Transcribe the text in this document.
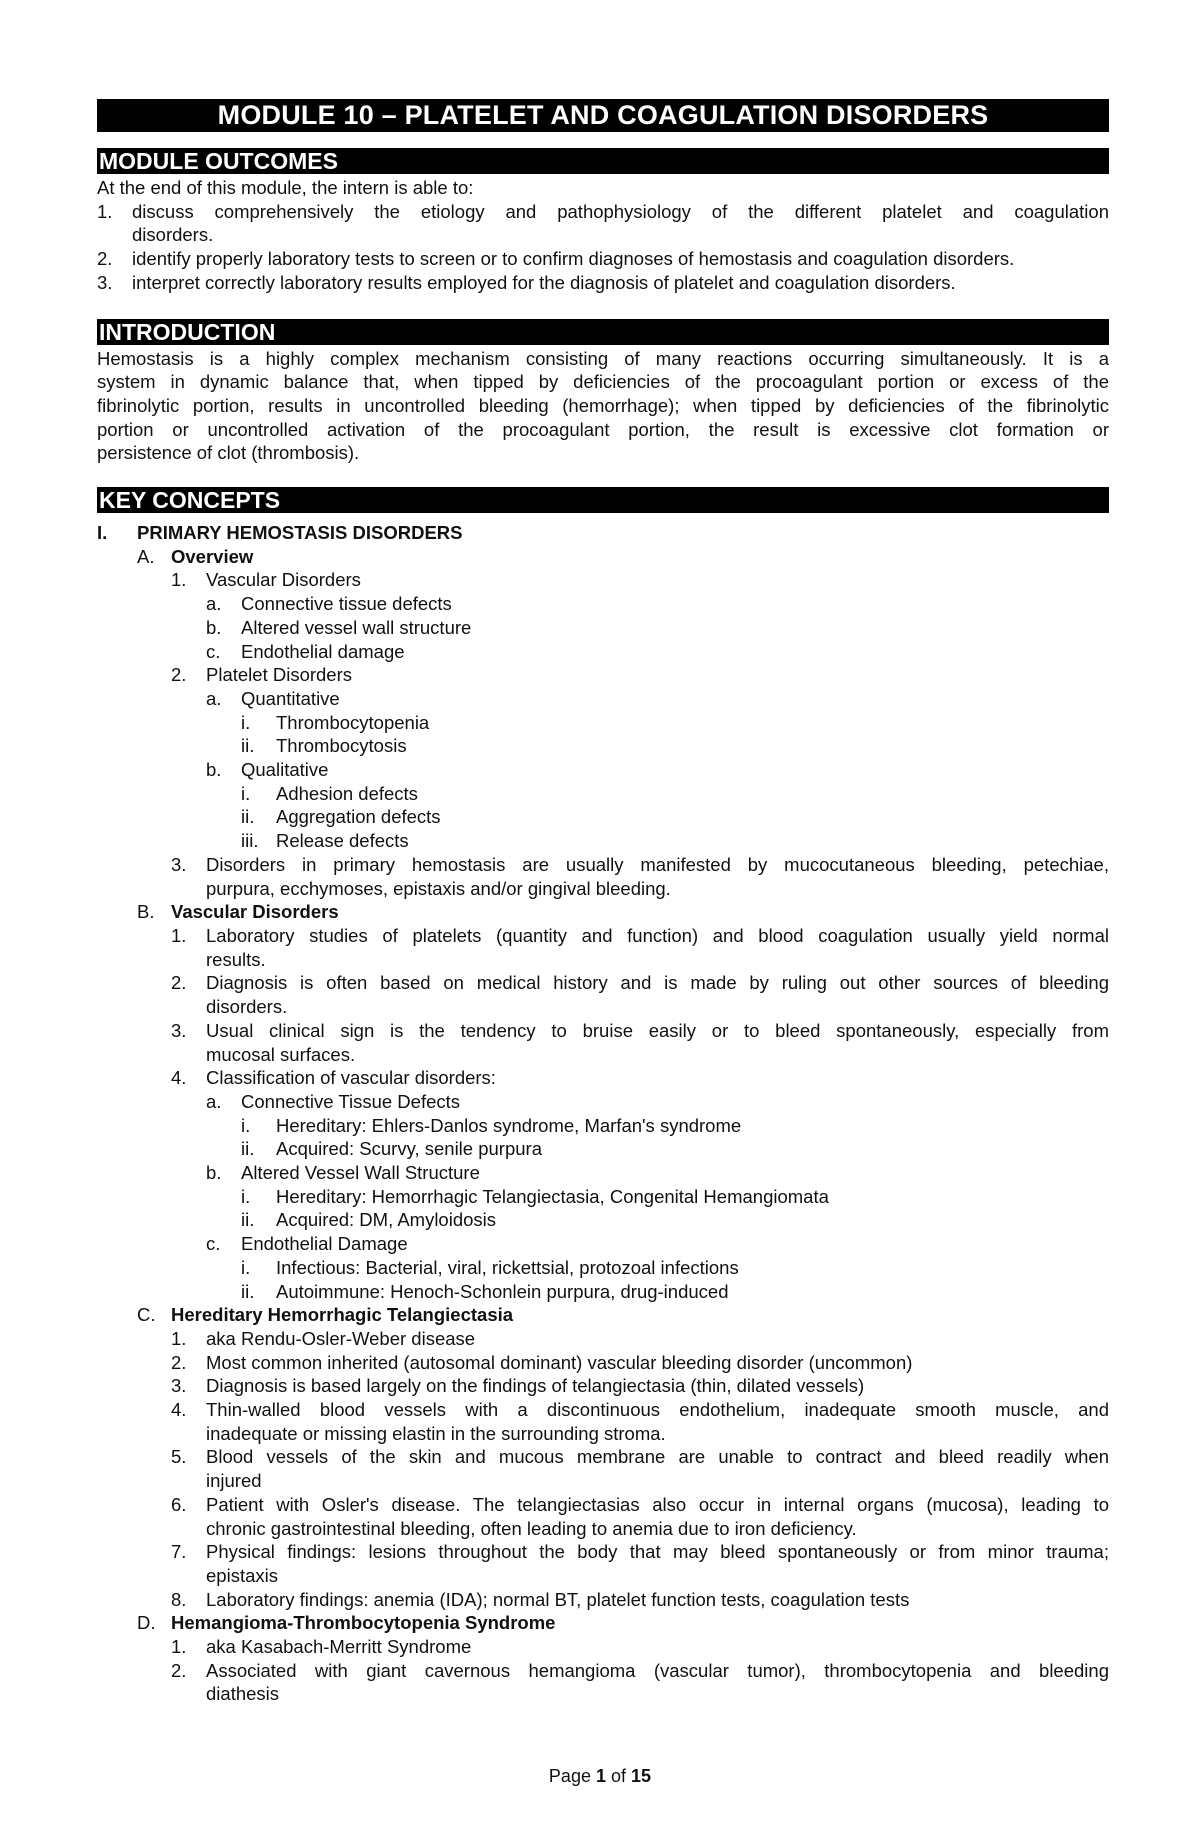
MODULE 10 – PLATELET AND COAGULATION DISORDERS
MODULE OUTCOMES
At the end of this module, the intern is able to:
1.	discuss comprehensively the etiology and pathophysiology of the different platelet and coagulation
disorders.
2.	identify properly laboratory tests to screen or to confirm diagnoses of hemostasis and coagulation disorders.
3.	interpret correctly laboratory results employed for the diagnosis of platelet and coagulation disorders.
INTRODUCTION
Hemostasis is a highly complex mechanism consisting of many reactions occurring simultaneously. It is a
system in dynamic balance that, when tipped by deficiencies of the procoagulant portion or excess of the
fibrinolytic portion, results in uncontrolled bleeding (hemorrhage); when tipped by deficiencies of the fibrinolytic
portion or uncontrolled activation of the procoagulant portion, the result is excessive clot formation or
persistence of clot (thrombosis).
KEY CONCEPTS
I.	PRIMARY HEMOSTASIS DISORDERS
A. Overview
1.	Vascular Disorders
a.	Connective tissue defects
b.	Altered vessel wall structure
c.	Endothelial damage
2.	Platelet Disorders
a.	Quantitative
i.	Thrombocytopenia
ii.	Thrombocytosis
b.	Qualitative
i.	Adhesion defects
ii.	Aggregation defects
iii. Release defects
3.	Disorders in primary hemostasis are usually manifested by mucocutaneous bleeding, petechiae,
purpura, ecchymoses, epistaxis and/or gingival bleeding.
B. Vascular Disorders
1.	Laboratory studies of platelets (quantity and function) and blood coagulation usually yield normal
results.
2.	Diagnosis is often based on medical history and is made by ruling out other sources of bleeding
disorders.
3.	Usual clinical sign is the tendency to bruise easily or to bleed spontaneously, especially from
mucosal surfaces.
4.	Classification of vascular disorders:
a.	Connective Tissue Defects
i.	Hereditary: Ehlers-Danlos syndrome, Marfan's syndrome
ii.	Acquired: Scurvy, senile purpura
b.	Altered Vessel Wall Structure
i.	Hereditary: Hemorrhagic Telangiectasia, Congenital Hemangiomata
ii.	Acquired: DM, Amyloidosis
c.	Endothelial Damage
i.	Infectious: Bacterial, viral, rickettsial, protozoal infections
ii.	Autoimmune: Henoch-Schonlein purpura, drug-induced
C. Hereditary Hemorrhagic Telangiectasia
1.	aka Rendu-Osler-Weber disease
2.	Most common inherited (autosomal dominant) vascular bleeding disorder (uncommon)
3.	Diagnosis is based largely on the findings of telangiectasia (thin, dilated vessels)
4.	Thin-walled blood vessels with a discontinuous endothelium, inadequate smooth muscle, and
inadequate or missing elastin in the surrounding stroma.
5.	Blood vessels of the skin and mucous membrane are unable to contract and bleed readily when
injured
6.	Patient with Osler's disease. The telangiectasias also occur in internal organs (mucosa), leading to
chronic gastrointestinal bleeding, often leading to anemia due to iron deficiency.
7.	Physical findings: lesions throughout the body that may bleed spontaneously or from minor trauma;
epistaxis
8.	Laboratory findings: anemia (IDA); normal BT, platelet function tests, coagulation tests
D. Hemangioma-Thrombocytopenia Syndrome
1.	aka Kasabach-Merritt Syndrome
2.	Associated with giant cavernous hemangioma (vascular tumor), thrombocytopenia and bleeding
diathesis
Page 1 of 15
